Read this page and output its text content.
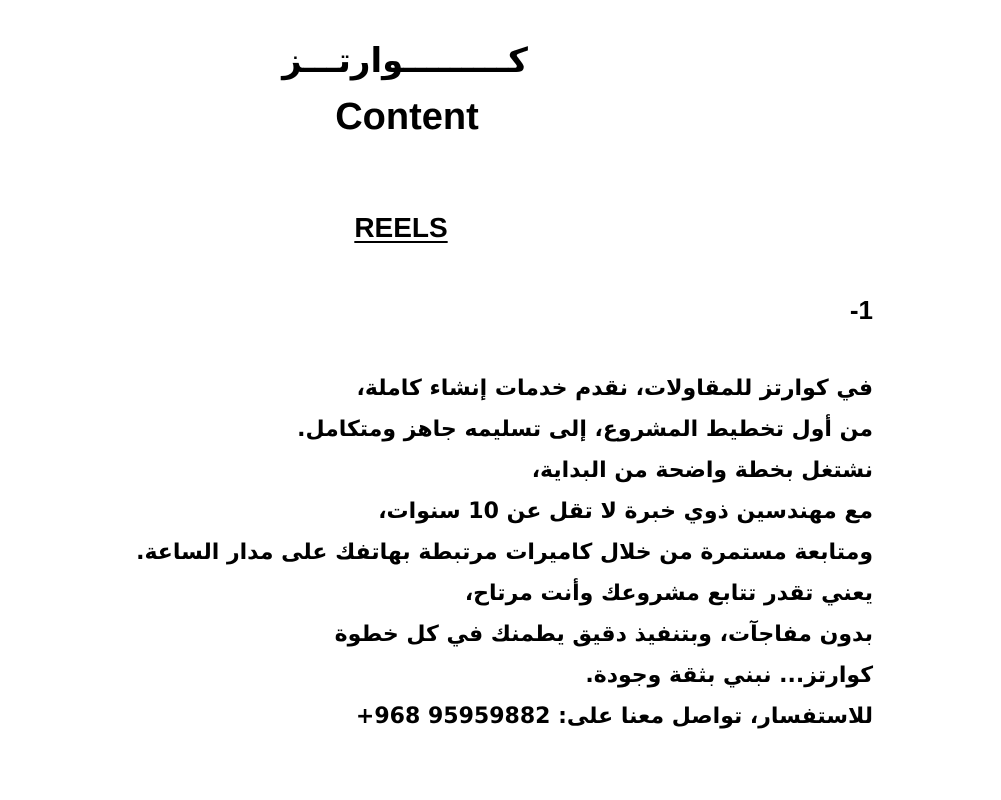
كـــــــــوارتـــز
Content
REELS
-1
في كوارتز للمقاولات، نقدم خدمات إنشاء كاملة،
من أول تخطيط المشروع، إلى تسليمه جاهز ومتكامل.
نشتغل بخطة واضحة من البداية،
مع مهندسين ذوي خبرة لا تقل عن 10 سنوات،
ومتابعة مستمرة من خلال كاميرات مرتبطة بهاتفك على مدار الساعة.
يعني تقدر تتابع مشروعك وأنت مرتاح،
بدون مفاجآت، وبتنفيذ دقيق يطمنك في كل خطوة
كوارتز... نبني بثقة وجودة.
للاستفسار، تواصل معنا على: 95959882 968+
